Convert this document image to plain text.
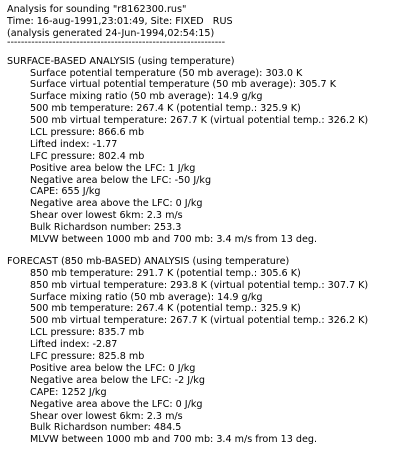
Analysis for sounding "r8162300.rus"
Time: 16-aug-1991,23:01:49, Site: FIXED   RUS
(analysis generated 24-Jun-1994,02:54:15)
---------------------------------------------------------------
SURFACE-BASED ANALYSIS (using temperature)
Surface potential temperature (50 mb average): 303.0 K
Surface virtual potential temperature (50 mb average): 305.7 K
Surface mixing ratio (50 mb average): 14.9 g/kg
500 mb temperature: 267.4 K (potential temp.: 325.9 K)
500 mb virtual temperature: 267.7 K (virtual potential temp.: 326.2 K)
LCL pressure: 866.6 mb
Lifted index: -1.77
LFC pressure: 802.4 mb
Positive area below the LFC: 1 J/kg
Negative area below the LFC: -50 J/kg
CAPE: 655 J/kg
Negative area above the LFC: 0 J/kg
Shear over lowest 6km: 2.3 m/s
Bulk Richardson number: 253.3
MLVW between 1000 mb and 700 mb: 3.4 m/s from 13 deg.
FORECAST (850 mb-BASED) ANALYSIS (using temperature)
850 mb temperature: 291.7 K (potential temp.: 305.6 K)
850 mb virtual temperature: 293.8 K (virtual potential temp.: 307.7 K)
Surface mixing ratio (50 mb average): 14.9 g/kg
500 mb temperature: 267.4 K (potential temp.: 325.9 K)
500 mb virtual temperature: 267.7 K (virtual potential temp.: 326.2 K)
LCL pressure: 835.7 mb
Lifted index: -2.87
LFC pressure: 825.8 mb
Positive area below the LFC: 0 J/kg
Negative area below the LFC: -2 J/kg
CAPE: 1252 J/kg
Negative area above the LFC: 0 J/kg
Shear over lowest 6km: 2.3 m/s
Bulk Richardson number: 484.5
MLVW between 1000 mb and 700 mb: 3.4 m/s from 13 deg.
